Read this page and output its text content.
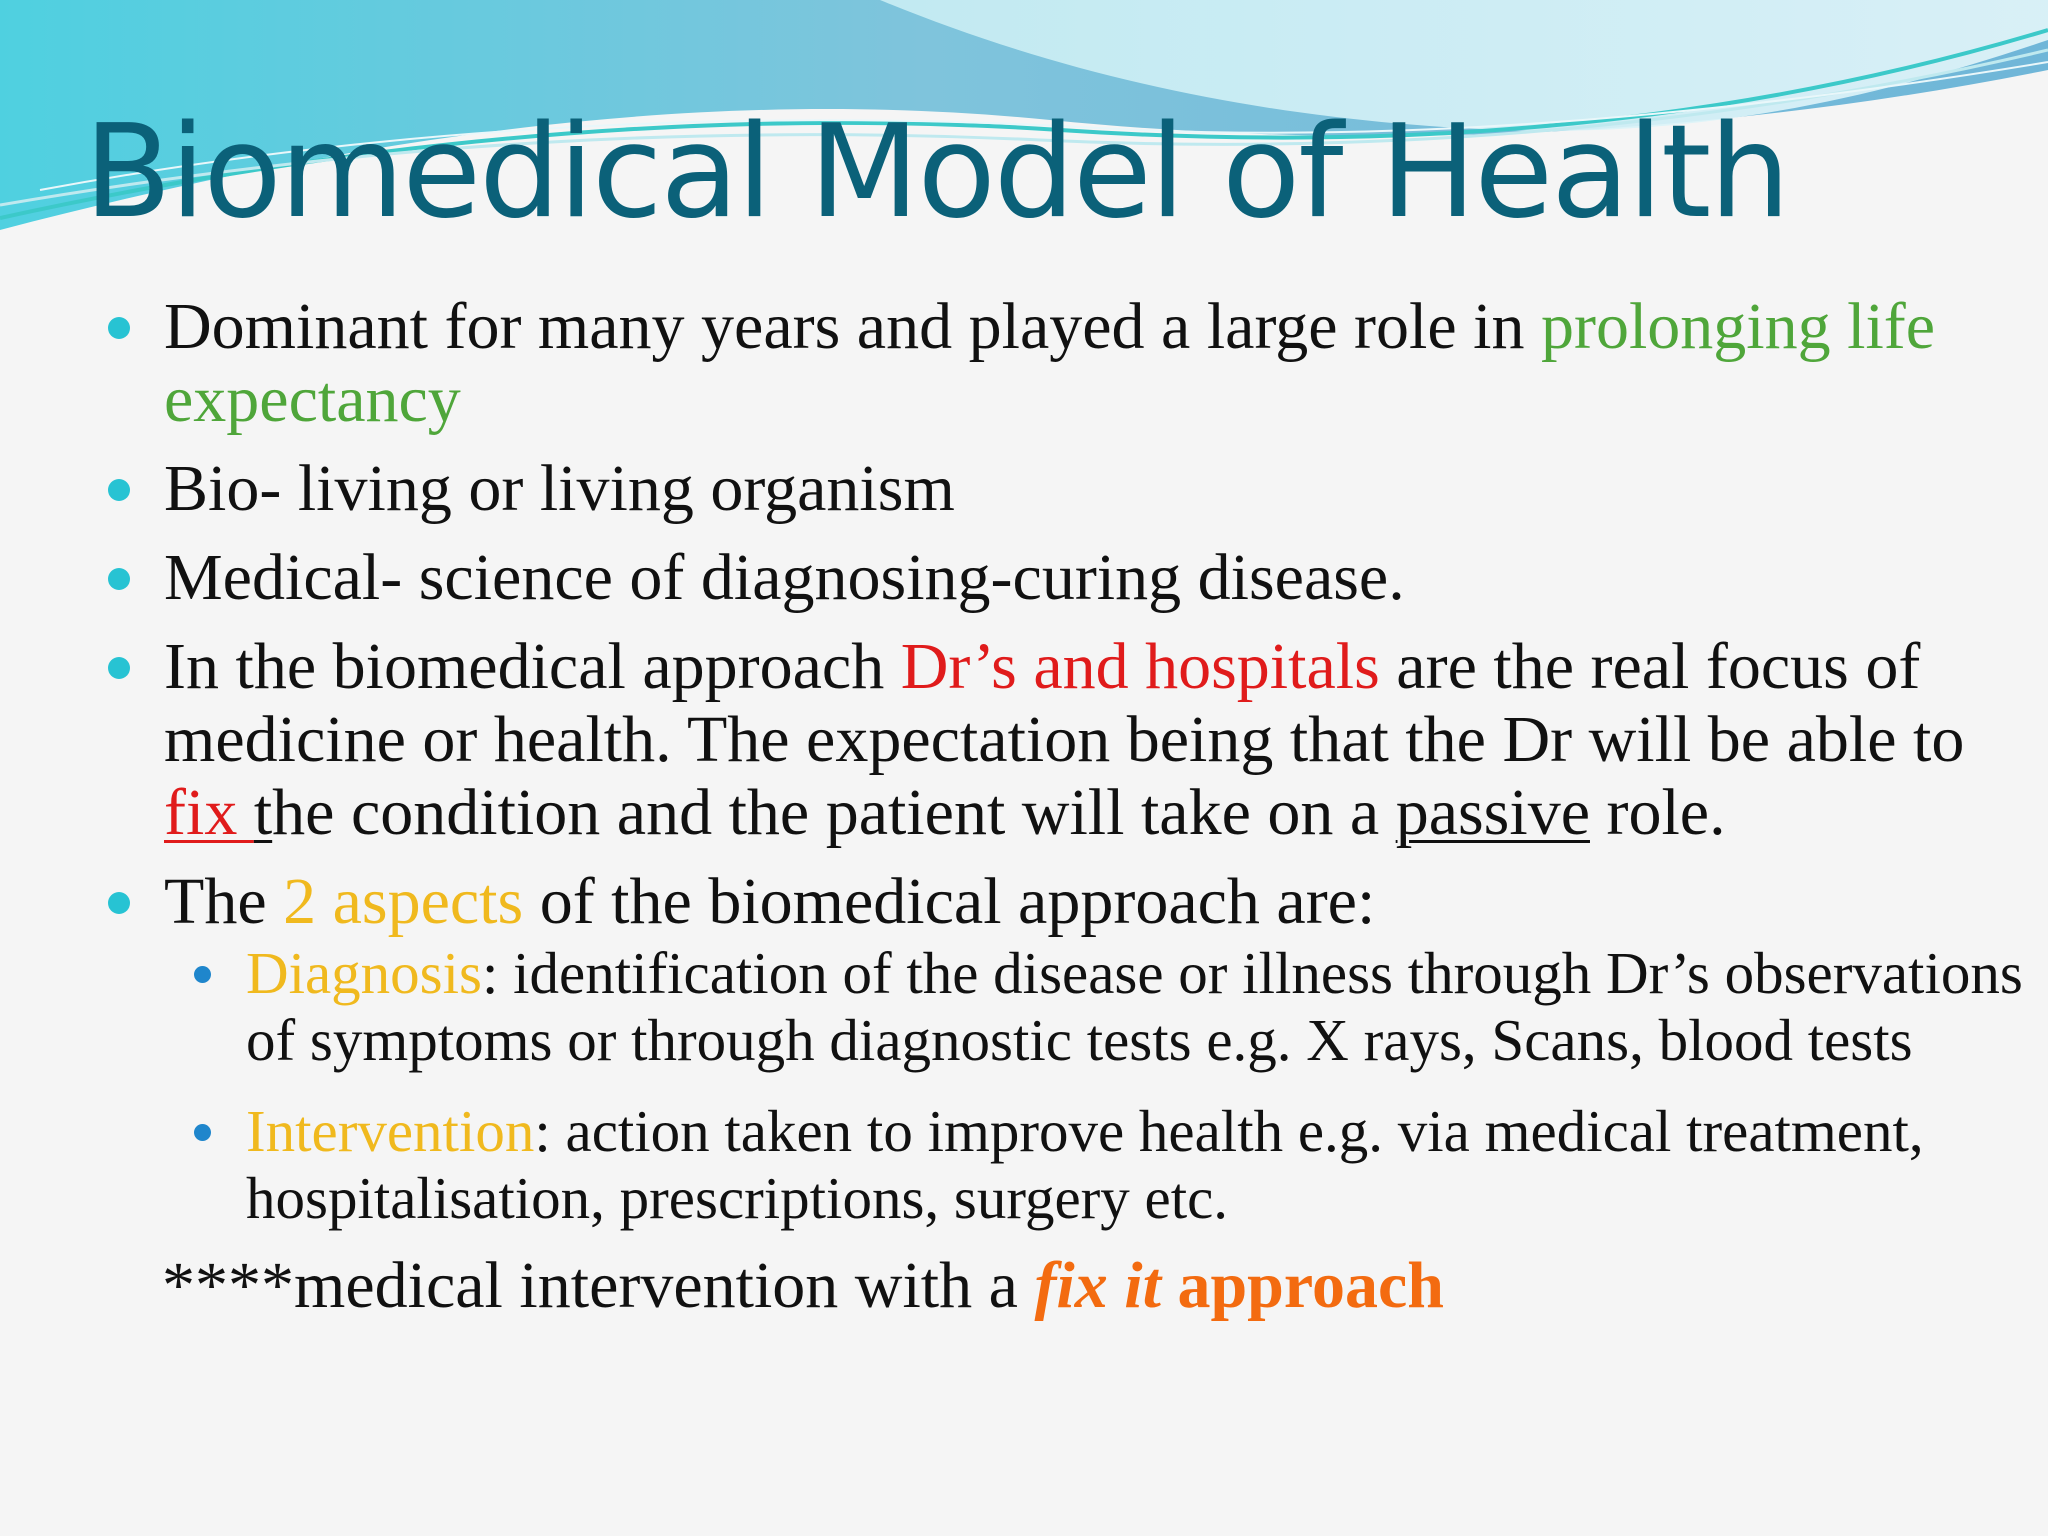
Biomedical Model of Health
Dominant for many years and played a large role in prolonging life expectancy
Bio- living or living organism
Medical- science of diagnosing-curing disease.
In the biomedical approach Dr’s and hospitals are the real focus of medicine or health. The expectation being that the Dr will be able to fix the condition and the patient will take on a passive role.
The 2 aspects of the biomedical approach are:
Diagnosis: identification of the disease or illness through Dr’s observations of symptoms or through diagnostic tests e.g. X rays, Scans, blood tests
Intervention: action taken to improve health e.g. via medical treatment, hospitalisation, prescriptions, surgery etc.
****medical intervention with a fix it approach
